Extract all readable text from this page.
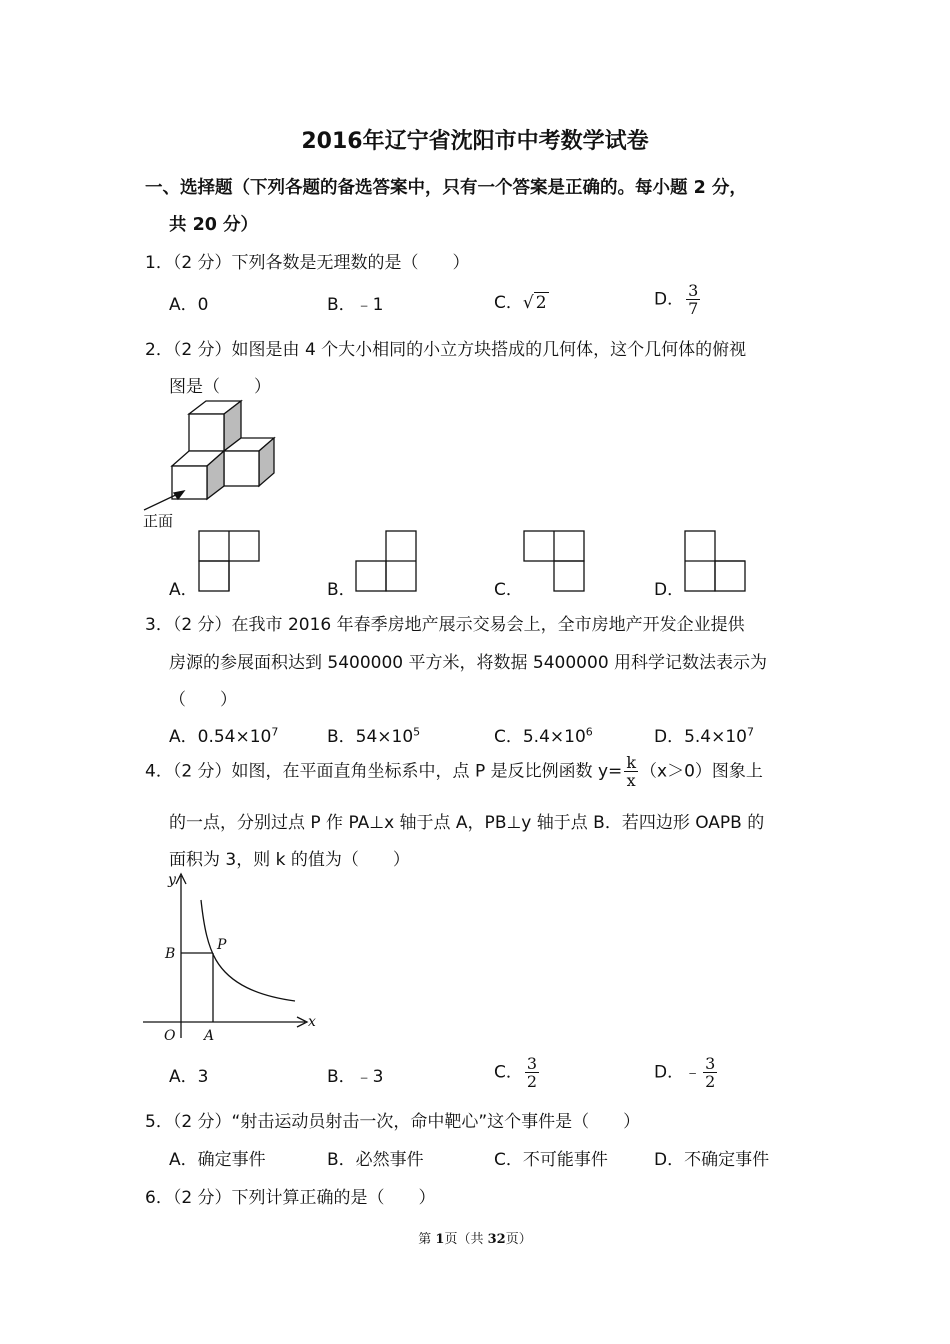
2016年辽宁省沈阳市中考数学试卷
一、选择题（下列各题的备选答案中，只有一个答案是正确的。每小题 2 分，
共 20 分）
1．（2 分）下列各数是无理数的是（　　）
A．0	B．﹣1	C．√ 2	D． $\frac{3}{7}$
2．（2 分）如图是由 4 个大小相同的小立方块搭成的几何体，这个几何体的俯视
图是（　　）
正面
A．	B．	C．	D．
3．（2 分）在我市 2016 年春季房地产展示交易会上，全市房地产开发企业提供
房源的参展面积达到 5400000 平方米，将数据 5400000 用科学记数法表示为
（　　）
A．$0.54\times 10^7$	B．$54\times 10^5$	C．$5.4\times 10^6$	D．$5.4\times 10^7$
4．（2 分）如图，在平面直角坐标系中，点 P 是反比例函数 $y= \frac{k}{x} (x>0)$图象上
的一点，分别过点 P 作 PA⊥x 轴于点 A，PB⊥y 轴于点 B．若四边形 OAPB 的
面积为 3，则 k 的值为（　　）
y
x
O A
B
P
A．3	B．﹣3	C． $\frac{3}{2}$	D．﹣ $\frac{3}{2}$
5．（2 分）“射击运动员射击一次，命中靶心”这个事件是（　　）
A．确定事件	B．必然事件	C．不可能事件	D．不确定事件
6．（2 分）下列计算正确的是（　　）
第 1页（共 32页）
